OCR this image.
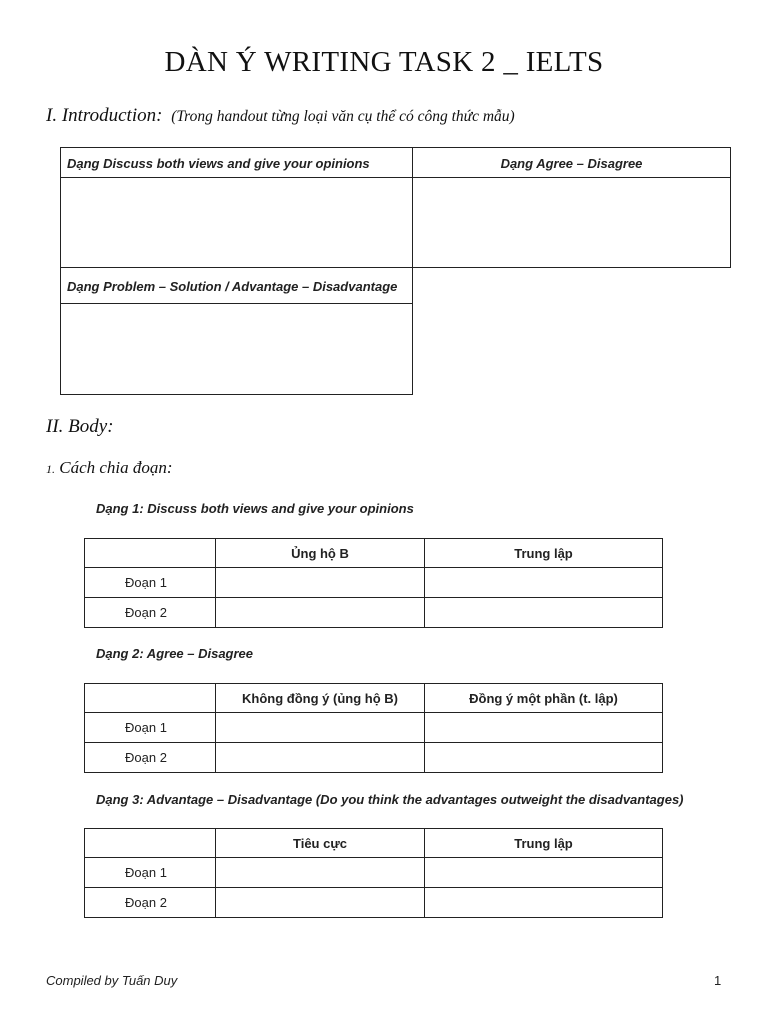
DÀN Ý WRITING TASK 2 _ IELTS
I. Introduction: (Trong handout từng loại văn cụ thể có công thức mẫu)
Dạng Discuss both views and give your opinions	Dạng Agree – Disagree
Dạng Problem – Solution / Advantage – Disadvantage
II. Body:
1. Cách chia đoạn:
Dạng 1: Discuss both views and give your opinions
	Ủng hộ B	Trung lập
Đoạn 1		
Đoạn 2		
Dạng 2: Agree – Disagree
	Không đồng ý (ủng hộ B)	Đồng ý một phần (t. lập)
Đoạn 1		
Đoạn 2		
Dạng 3: Advantage – Disadvantage (Do you think the advantages outweight the disadvantages)
	Tiêu cực	Trung lập
Đoạn 1		
Đoạn 2		
Compiled by Tuấn Duy	1
